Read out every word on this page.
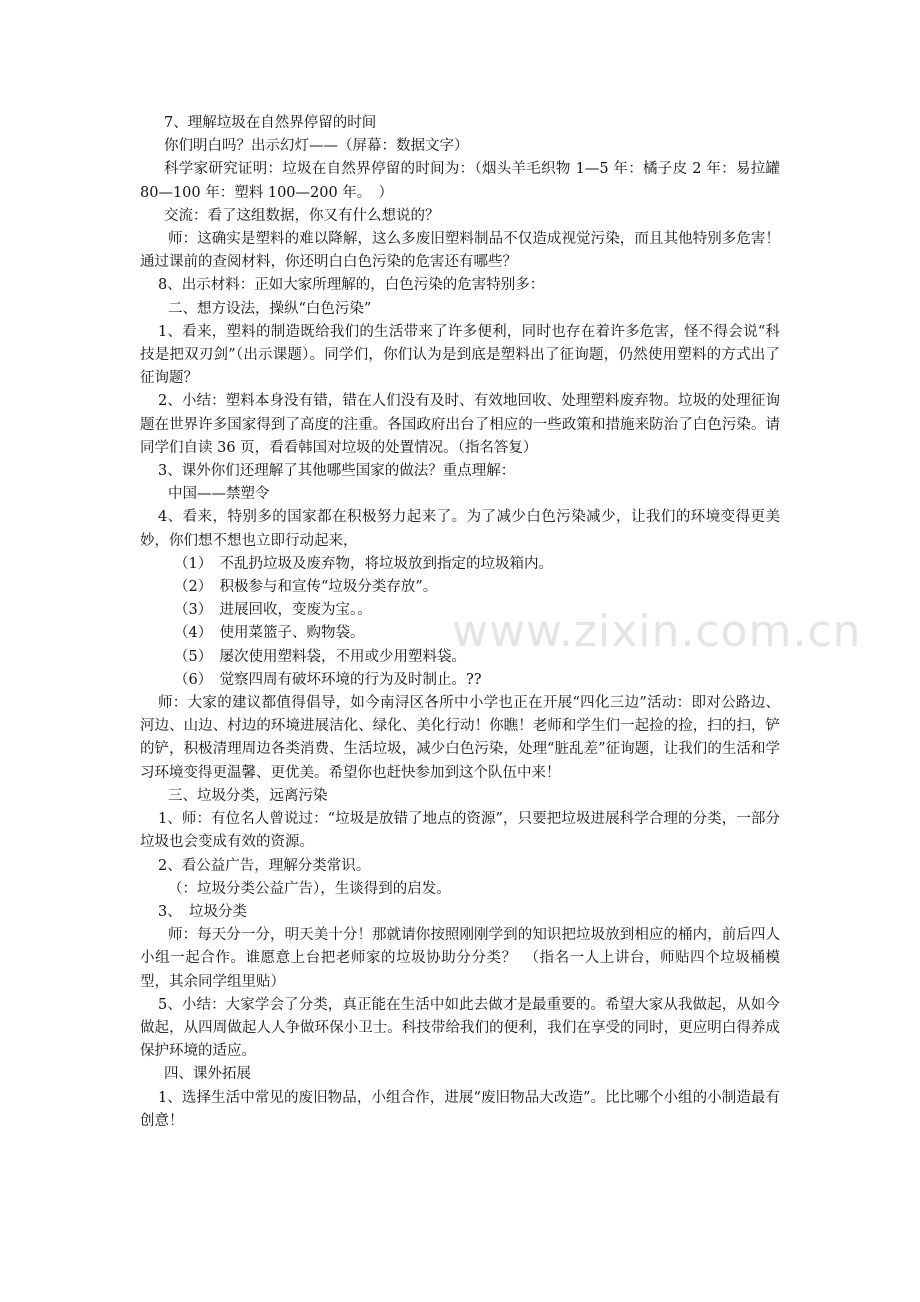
7、理解垃圾在自然界停留的时间

你们明白吗？出示幻灯——（屏幕：数据文字）

科学家研究证明：垃圾在自然界停留的时间为：（烟头羊毛织物 1—5 年：橘子皮 2 年：易拉罐 80—100 年：塑料 100—200 年。　）

交流：看了这组数据，你又有什么想说的？

师：这确实是塑料的难以降解，这么多废旧塑料制品不仅造成视觉污染，而且其他特别多危害！通过课前的查阅材料，你还明白白色污染的危害还有哪些？

8、出示材料：正如大家所理解的，白色污染的危害特别多：

二、想方设法，操纵“白色污染”

1、看来，塑料的制造既给我们的生活带来了许多便利，同时也存在着许多危害，怪不得会说“科技是把双刃剑”（出示课题）。同学们，你们认为是到底是塑料出了征询题，仍然使用塑料的方式出了征询题？

2、小结：塑料本身没有错，错在人们没有及时、有效地回收、处理塑料废弃物。垃圾的处理征询题在世界许多国家得到了高度的注重。各国政府出台了相应的一些政策和措施来防治了白色污染。请同学们自读 36 页，看看韩国对垃圾的处置情况。（指名答复）

3、课外你们还理解了其他哪些国家的做法？重点理解：

中国——禁塑令

4、看来，特别多的国家都在积极努力起来了。为了减少白色污染减少，让我们的环境变得更美妙，你们想不想也立即行动起来，

（1）　不乱扔垃圾及废弃物，将垃圾放到指定的垃圾箱内。

（2）　积极参与和宣传“垃圾分类存放”。

（3）　进展回收，变废为宝。。

（4）　使用菜篮子、购物袋。

（5）　屡次使用塑料袋，不用或少用塑料袋。

（6）　觉察四周有破坏环境的行为及时制止。??

师：大家的建议都值得倡导，如今南浔区各所中小学也正在开展“四化三边”活动：即对公路边、河边、山边、村边的环境进展洁化、绿化、美化行动！你瞧！老师和学生们一起捡的捡，扫的扫，铲的铲，积极清理周边各类消费、生活垃圾，减少白色污染，处理“脏乱差”征询题，让我们的生活和学习环境变得更温馨、更优美。希望你也赶快参加到这个队伍中来！

三、垃圾分类，远离污染

1、师：有位名人曾说过：“垃圾是放错了地点的资源”，只要把垃圾进展科学合理的分类，一部分垃圾也会变成有效的资源。

2、看公益广告，理解分类常识。

（：垃圾分类公益广告），生谈得到的启发。

3、　垃圾分类

师：每天分一分，明天美十分！那就请你按照刚刚学到的知识把垃圾放到相应的桶内，前后四人小组一起合作。谁愿意上台把老师家的垃圾协助分分类？　（指名一人上讲台，师贴四个垃圾桶模型，其余同学组里贴）

5、小结：大家学会了分类，真正能在生活中如此去做才是最重要的。希望大家从我做起，从如今做起，从四周做起人人争做环保小卫士。科技带给我们的便利，我们在享受的同时，更应明白得养成保护环境的适应。

四、课外拓展

1、选择生活中常见的废旧物品，小组合作，进展“废旧物品大改造”。比比哪个小组的小制造最有创意！

www.zixin.com.cn
